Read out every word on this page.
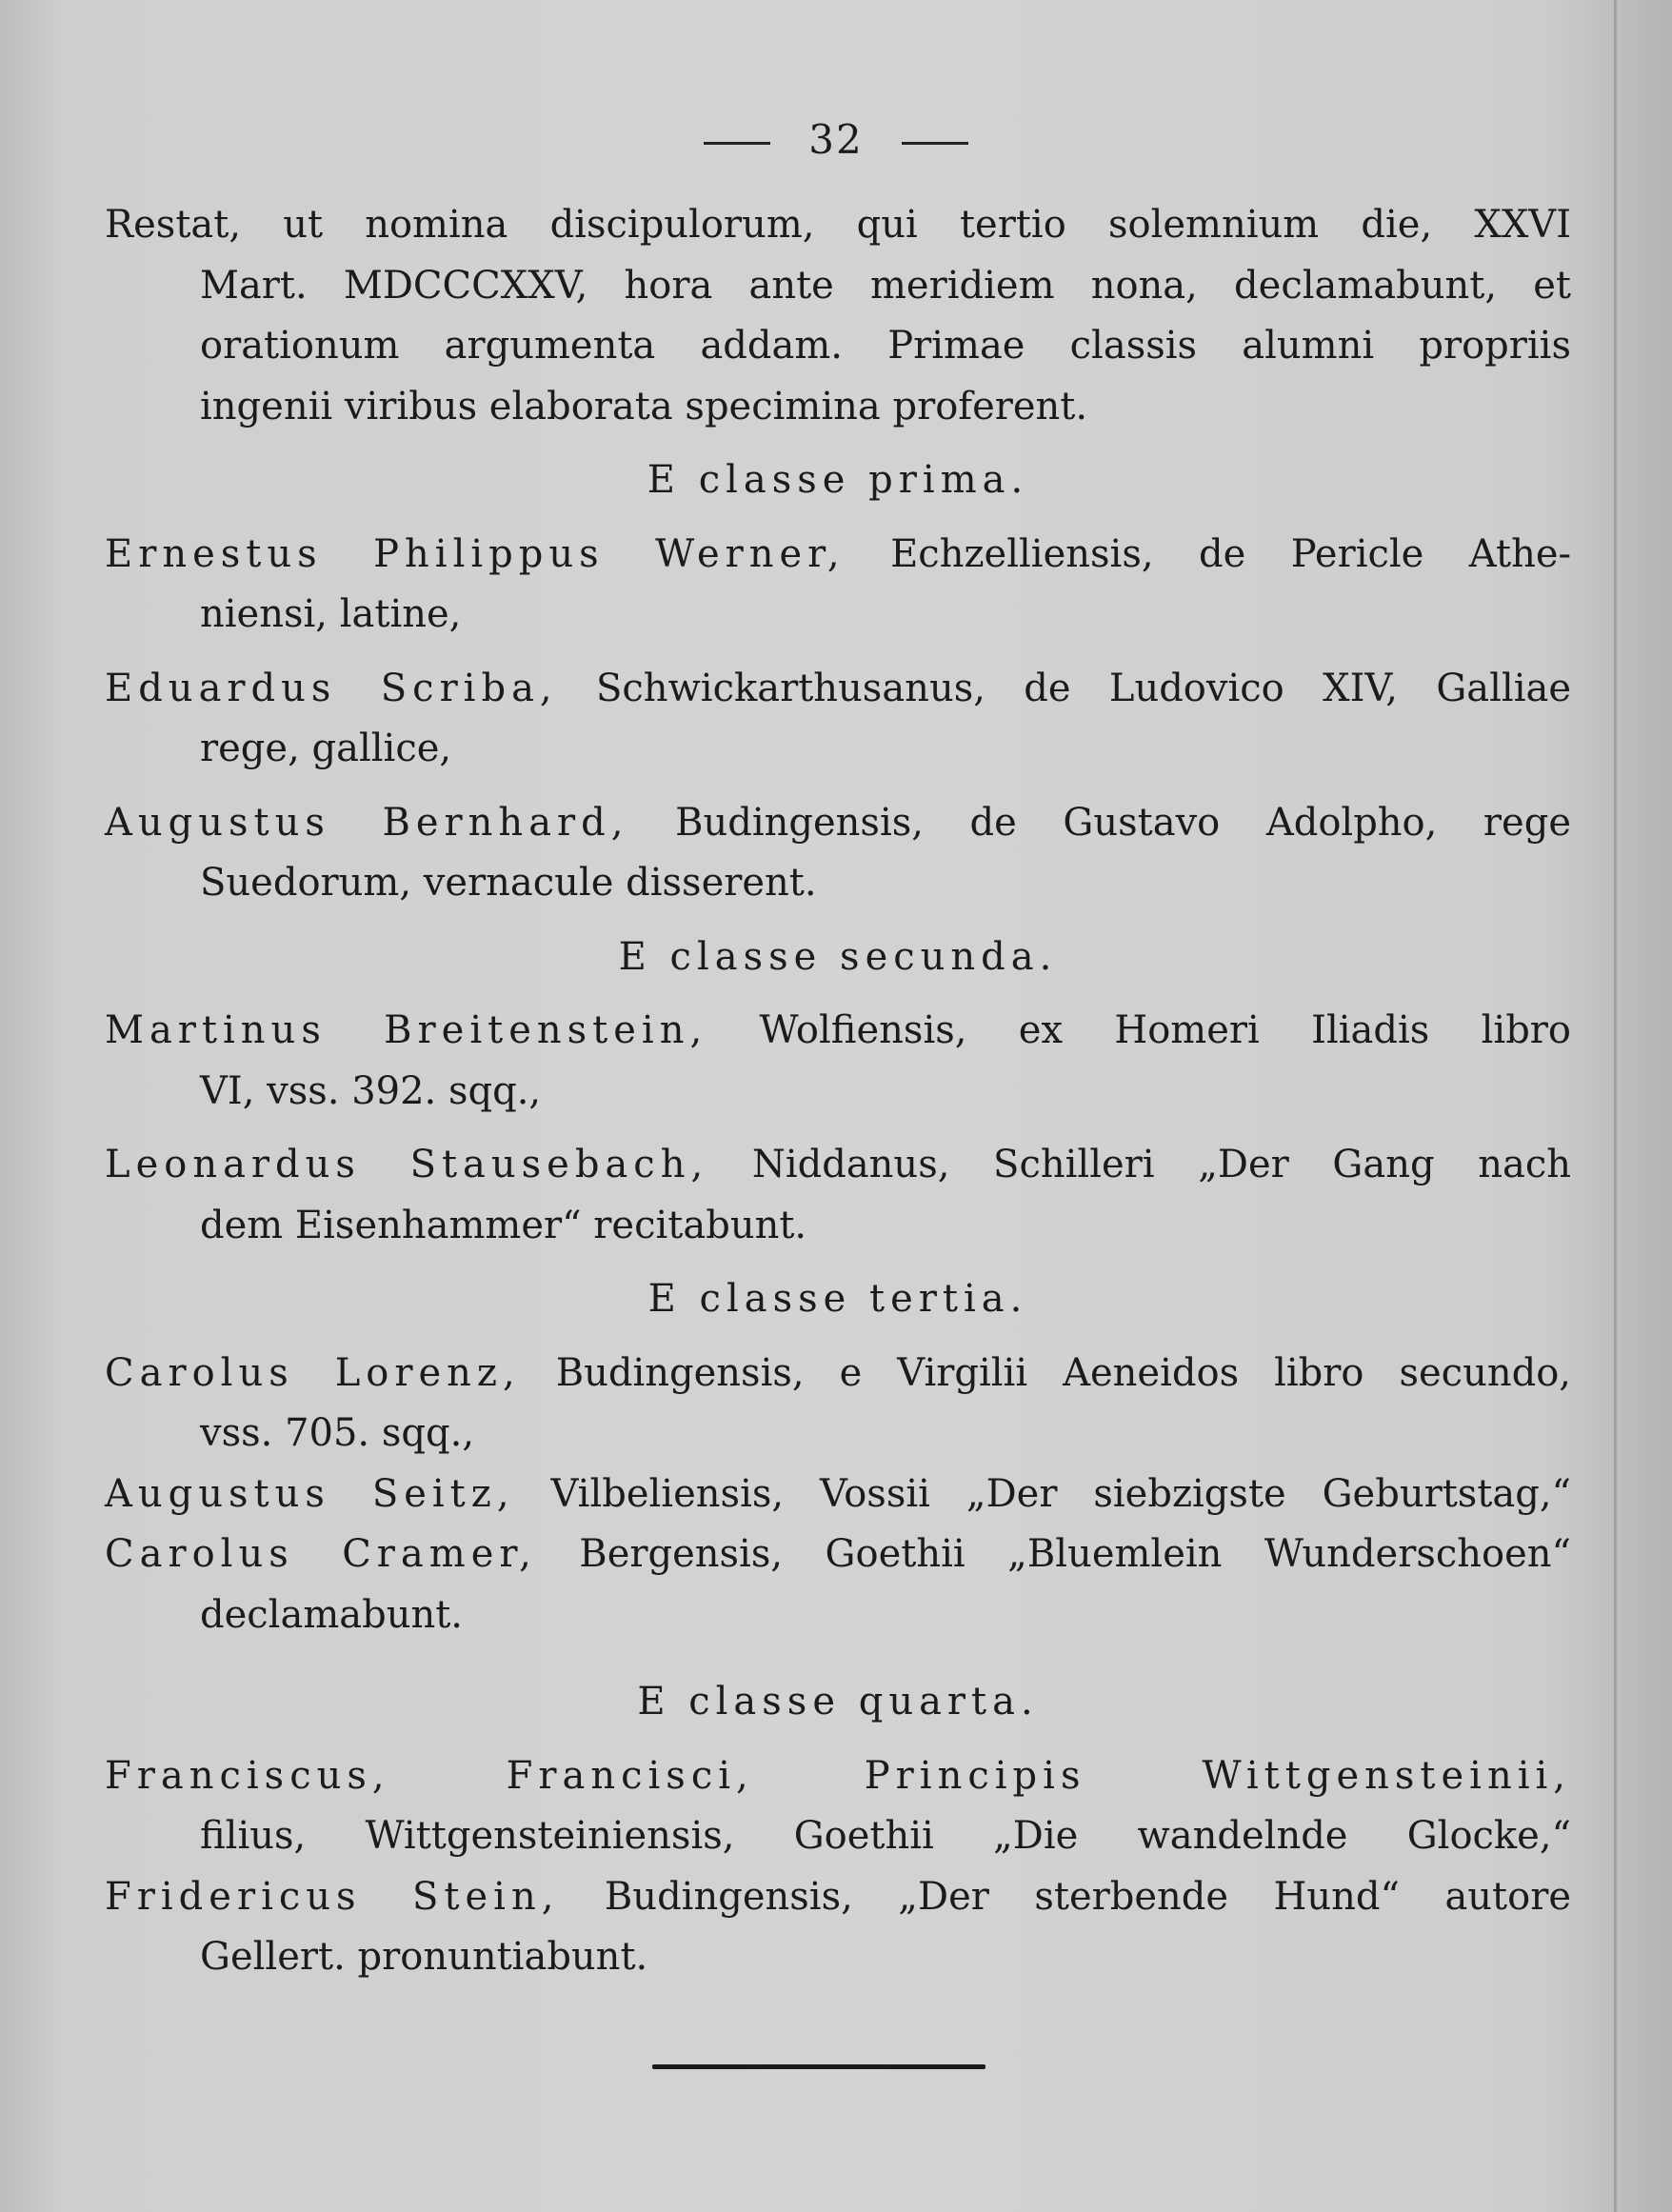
32
Restat, ut nomina discipulorum, qui tertio solemnium die, XXVI
Mart. MDCCCXXV, hora ante meridiem nona, declamabunt, et
orationum argumenta addam. Primae classis alumni propriis
ingenii viribus elaborata specimina proferent.
E classe prima.
Ernestus Philippus Werner, Echzelliensis, de Pericle Athe-
niensi, latine,
Eduardus Scriba, Schwickarthusanus, de Ludovico XIV, Galliae
rege, gallice,
Augustus Bernhard, Budingensis, de Gustavo Adolpho, rege
Suedorum, vernacule disserent.
E classe secunda.
Martinus Breitenstein, Wolfiensis, ex Homeri Iliadis libro
VI, vss. 392. sqq.,
Leonardus Stausebach, Niddanus, Schilleri „Der Gang nach
dem Eisenhammer“ recitabunt.
E classe tertia.
Carolus Lorenz, Budingensis, e Virgilii Aeneidos libro secundo,
vss. 705. sqq.,
Augustus Seitz, Vilbeliensis, Vossii „Der siebzigste Geburtstag,“
Carolus Cramer, Bergensis, Goethii „Bluemlein Wunderschoen“
declamabunt.
E classe quarta.
Franciscus, Francisci,	Principis Wittgensteinii,
filius, Wittgensteiniensis, Goethii „Die wandelnde Glocke,“
Fridericus Stein, Budingensis, „Der sterbende Hund“ autore
Gellert. pronuntiabunt.
